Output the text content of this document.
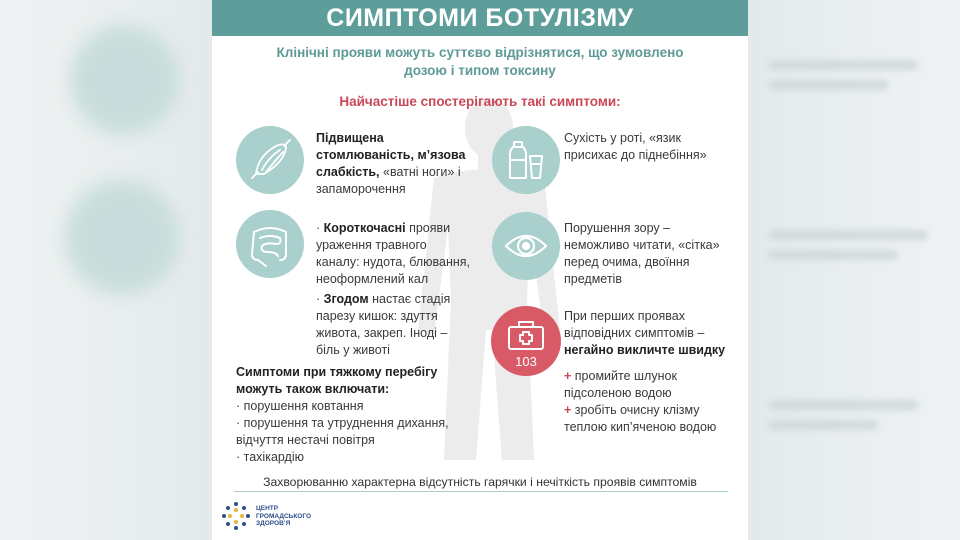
СИМПТОМИ БОТУЛІЗМУ
Клінічні прояви можуть суттєво відрізнятися, що зумовлено
дозою і типом токсину
Найчастіше спостерігають такі симптоми:
Підвищена
стомлюваність, м’язова
слабкість, «ватні ноги» і
запаморочення
· Короткочасні прояви
ураження травного
каналу: нудота, блювання,
неоформлений кал
· Згодом настає стадія
парезу кишок: здуття
живота, закреп. Іноді –
біль у животі
Симптоми при тяжкому перебігу
можуть також включати:
· порушення ковтання
· порушення та утруднення дихання,
відчуття нестачі повітря
· тахікардію
Сухість у роті, «язик
присихає до піднебіння»
Порушення зору –
неможливо читати, «сітка»
перед очима, двоїння
предметів
103
При перших проявах
відповідних симптомів –
негайно викличте швидку
+ промийте шлунок
підсоленою водою
+ зробіть очисну клізму
теплою кип’яченою водою
Захворюванню характерна відсутність гарячки і нечіткість проявів симптомів
ЦЕНТР
ГРОМАДСЬКОГО
ЗДОРОВ’Я
